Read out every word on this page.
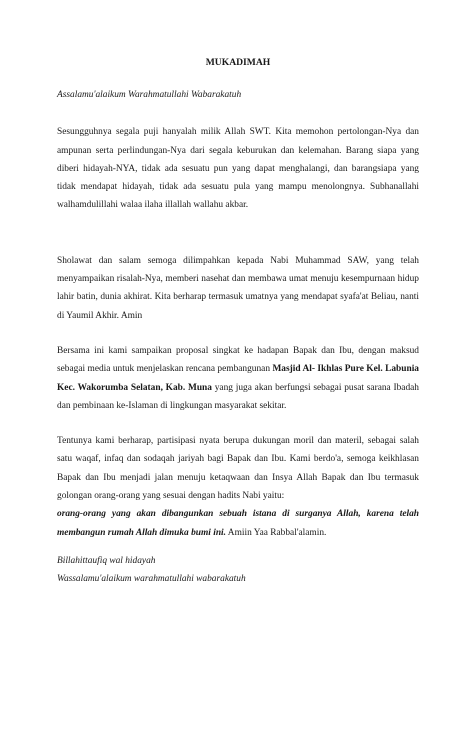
MUKADIMAH
Assalamu'alaikum Warahmatullahi Wabarakatuh

Sesungguhnya segala puji hanyalah milik Allah SWT. Kita memohon pertolongan-Nya dan ampunan serta perlindungan-Nya dari segala keburukan dan kelemahan. Barang siapa yang diberi hidayah-NYA, tidak ada sesuatu pun yang dapat menghalangi, dan barangsiapa yang tidak mendapat hidayah, tidak ada sesuatu pula yang mampu menolongnya. Subhanallahi walhamdulillahi walaa ilaha illallah wallahu akbar.

Sholawat dan salam semoga dilimpahkan kepada Nabi Muhammad SAW, yang telah menyampaikan risalah-Nya, memberi nasehat dan membawa umat menuju kesempurnaan hidup lahir batin, dunia akhirat. Kita berharap termasuk umatnya yang mendapat syafa'at Beliau, nanti di Yaumil Akhir. Amin

Bersama ini kami sampaikan proposal singkat ke hadapan Bapak dan Ibu, dengan maksud sebagai media untuk menjelaskan rencana pembangunan Masjid Al- Ikhlas Pure Kel. Labunia Kec. Wakorumba Selatan, Kab. Muna yang juga akan berfungsi sebagai pusat sarana Ibadah dan pembinaan ke-Islaman di lingkungan masyarakat sekitar.

Tentunya kami berharap, partisipasi nyata berupa dukungan moril dan materil, sebagai salah satu waqaf, infaq dan sodaqah jariyah bagi Bapak dan Ibu. Kami berdo'a, semoga keikhlasan Bapak dan Ibu menjadi jalan menuju ketaqwaan dan Insya Allah Bapak dan Ibu termasuk golongan orang-orang yang sesuai dengan hadits Nabi yaitu:
orang-orang yang akan dibangunkan sebuah istana di surganya Allah, karena telah membangun rumah Allah dimuka bumi ini. Amiin Yaa Rabbal'alamin.

Billahittaufiq wal hidayah
Wassalamu'alaikum warahmatullahi wabarakatuh
